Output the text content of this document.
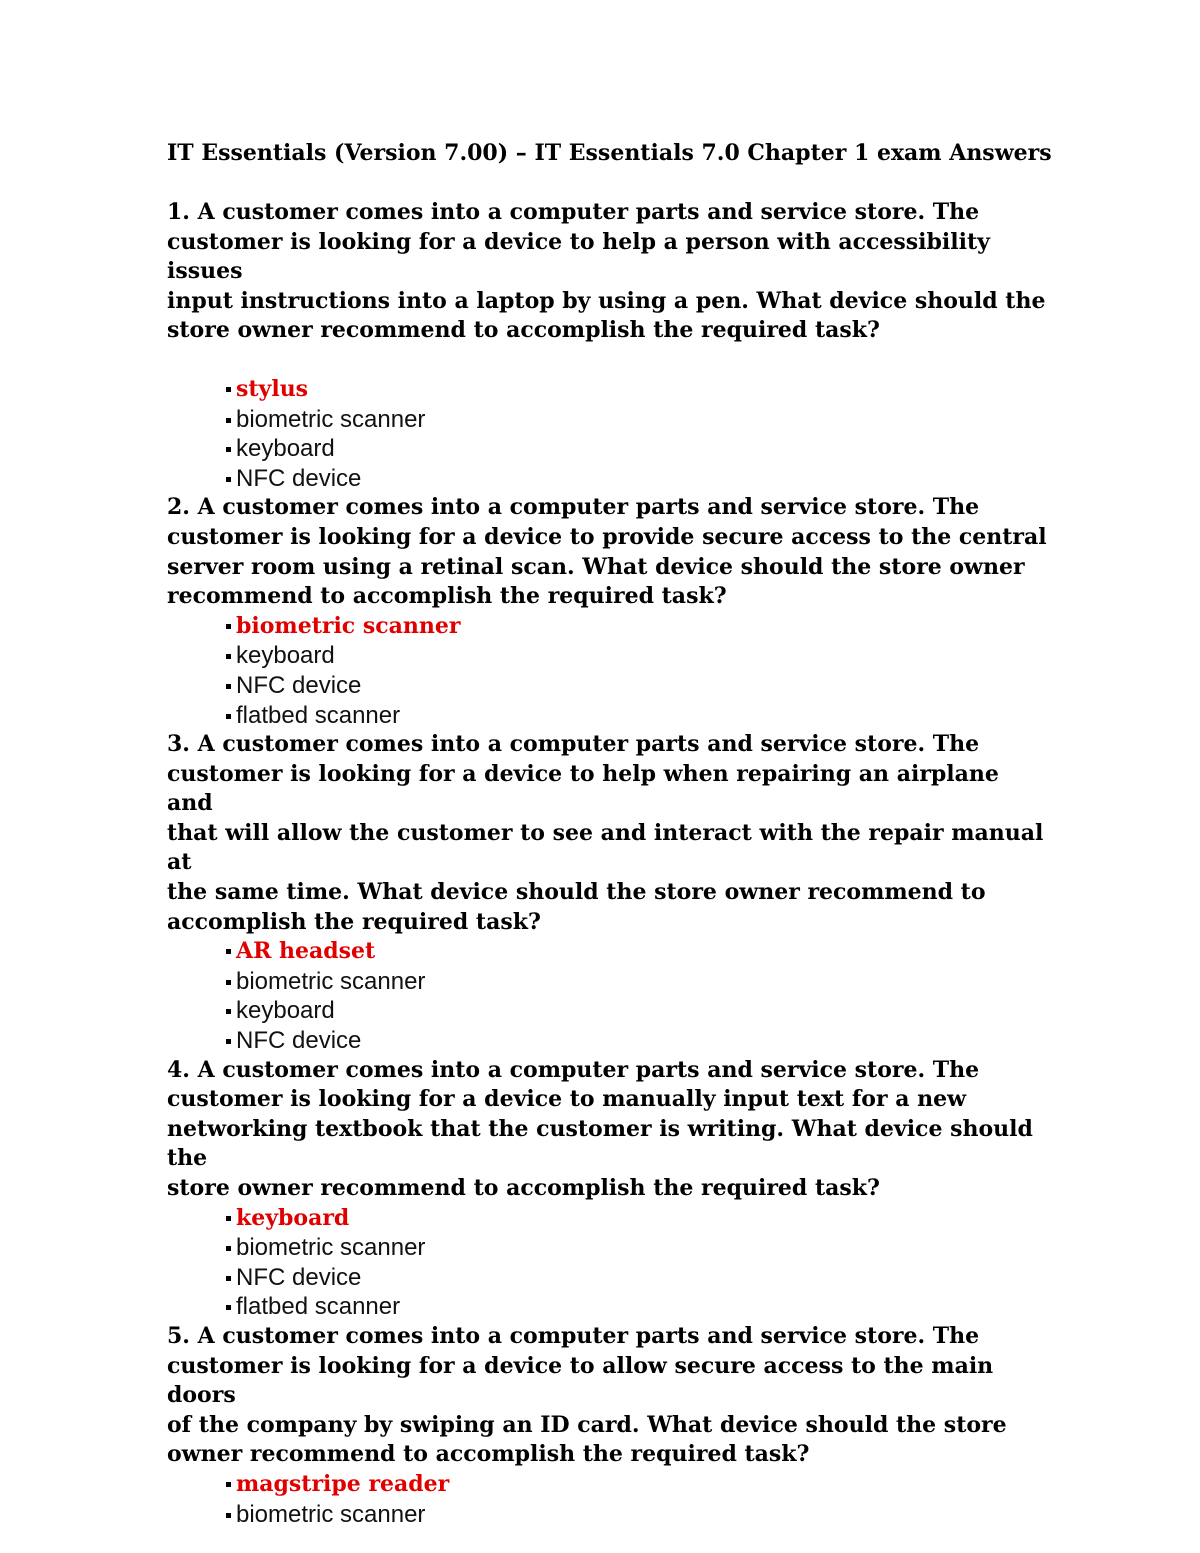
IT Essentials (Version 7.00) – IT Essentials 7.0 Chapter 1 exam Answers

1. A customer comes into a computer parts and service store. The
customer is looking for a device to help a person with accessibility issues
input instructions into a laptop by using a pen. What device should the
store owner recommend to accomplish the required task?

stylus
biometric scanner
keyboard
NFC device

2. A customer comes into a computer parts and service store. The
customer is looking for a device to provide secure access to the central
server room using a retinal scan. What device should the store owner
recommend to accomplish the required task?

biometric scanner
keyboard
NFC device
flatbed scanner

3. A customer comes into a computer parts and service store. The
customer is looking for a device to help when repairing an airplane and
that will allow the customer to see and interact with the repair manual at
the same time. What device should the store owner recommend to
accomplish the required task?

AR headset
biometric scanner
keyboard
NFC device

4. A customer comes into a computer parts and service store. The
customer is looking for a device to manually input text for a new
networking textbook that the customer is writing. What device should the
store owner recommend to accomplish the required task?

keyboard
biometric scanner
NFC device
flatbed scanner

5. A customer comes into a computer parts and service store. The
customer is looking for a device to allow secure access to the main doors
of the company by swiping an ID card. What device should the store
owner recommend to accomplish the required task?

magstripe reader
biometric scanner
